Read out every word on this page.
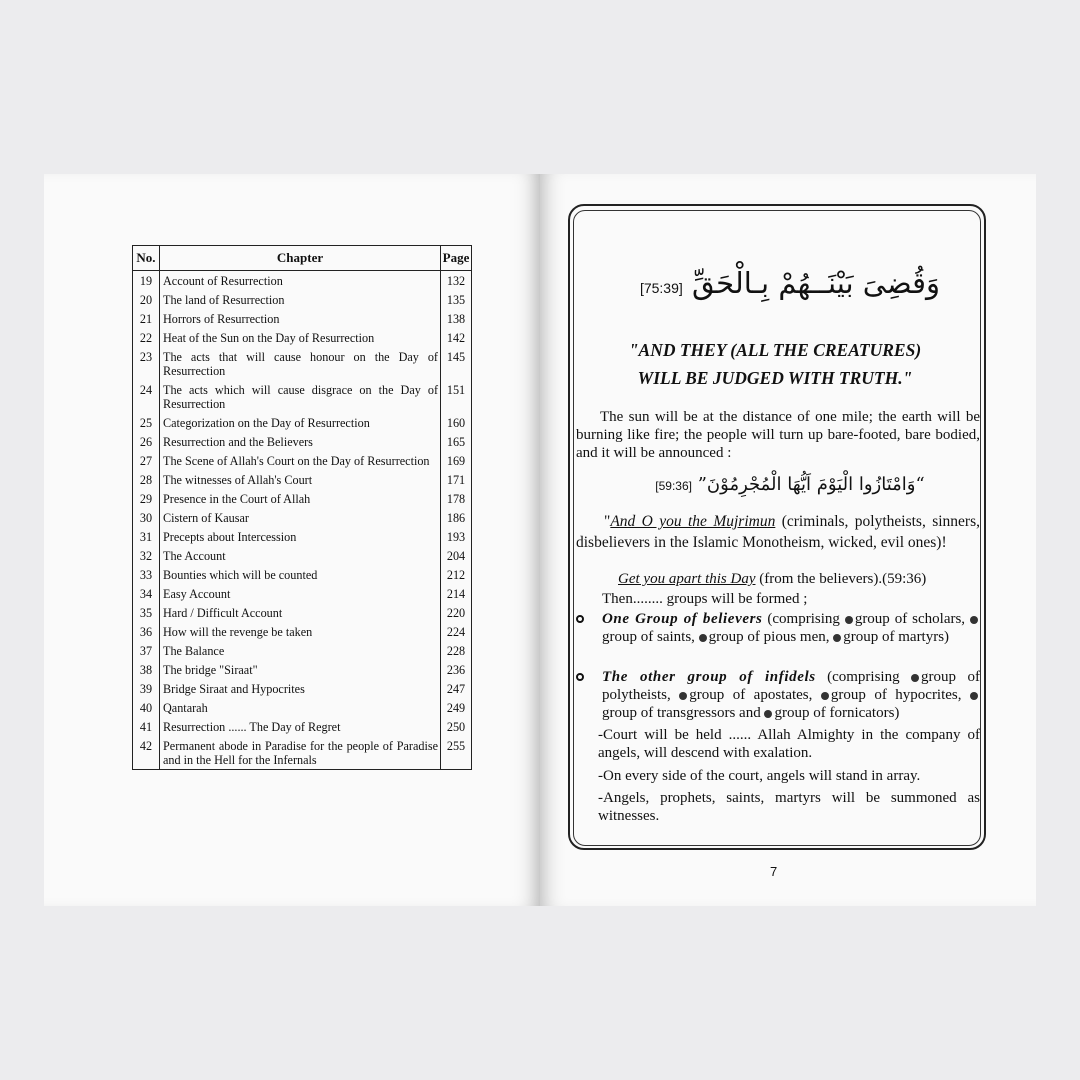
No.	Chapter	Page
19	Account of Resurrection	132
20	The land of Resurrection	135
21	Horrors of Resurrection	138
22	Heat of the Sun on the Day of Resurrection	142
23	The acts that will cause honour on the Day of Resurrection	145
24	The acts which will cause disgrace on the Day of Resurrection	151
25	Categorization on the Day of Resurrection	160
26	Resurrection and the Believers	165
27	The Scene of Allah's Court on the Day of Resurrection	169
28	The witnesses of Allah's Court	171
29	Presence in the Court of Allah	178
30	Cistern of Kausar	186
31	Precepts about Intercession	193
32	The Account	204
33	Bounties which will be counted	212
34	Easy Account	214
35	Hard / Difficult Account	220
36	How will the revenge be taken	224
37	The Balance	228
38	The bridge "Siraat"	236
39	Bridge Siraat and Hypocrites	247
40	Qantarah	249
41	Resurrection ...... The Day of Regret	250
42	Permanent abode in Paradise for the people of Paradise and in the Hell for the Infernals	255
وَقُضِىَ بَيْنَــهُمْ بِـالْحَقِّ [75:39]
"AND THEY (ALL THE CREATURES)
WILL BE JUDGED WITH TRUTH."
The sun will be at the distance of one mile; the earth will be burning like fire; the people will turn up bare-footed, bare bodied, and it will be announced :
“وَامْتَازُوا الْيَوْمَ اَيُّهَا الْمُجْرِمُوْنَ” [59:36]
"And O you the Mujrimun (criminals, polytheists, sinners, disbelievers in the Islamic Monotheism, wicked, evil ones)!
Get you apart this Day (from the believers).(59:36)
Then........ groups will be formed ;
One Group of believers (comprising group of scholars, group of saints, group of pious men, group of martyrs)
The other group of infidels (comprising group of polytheists, group of apostates, group of hypocrites, group of transgressors and group of fornicators)
-Court will be held ...... Allah Almighty in the company of angels, will descend with exalation.
-On every side of the court, angels will stand in array.
-Angels, prophets, saints, martyrs will be summoned as witnesses.
7
